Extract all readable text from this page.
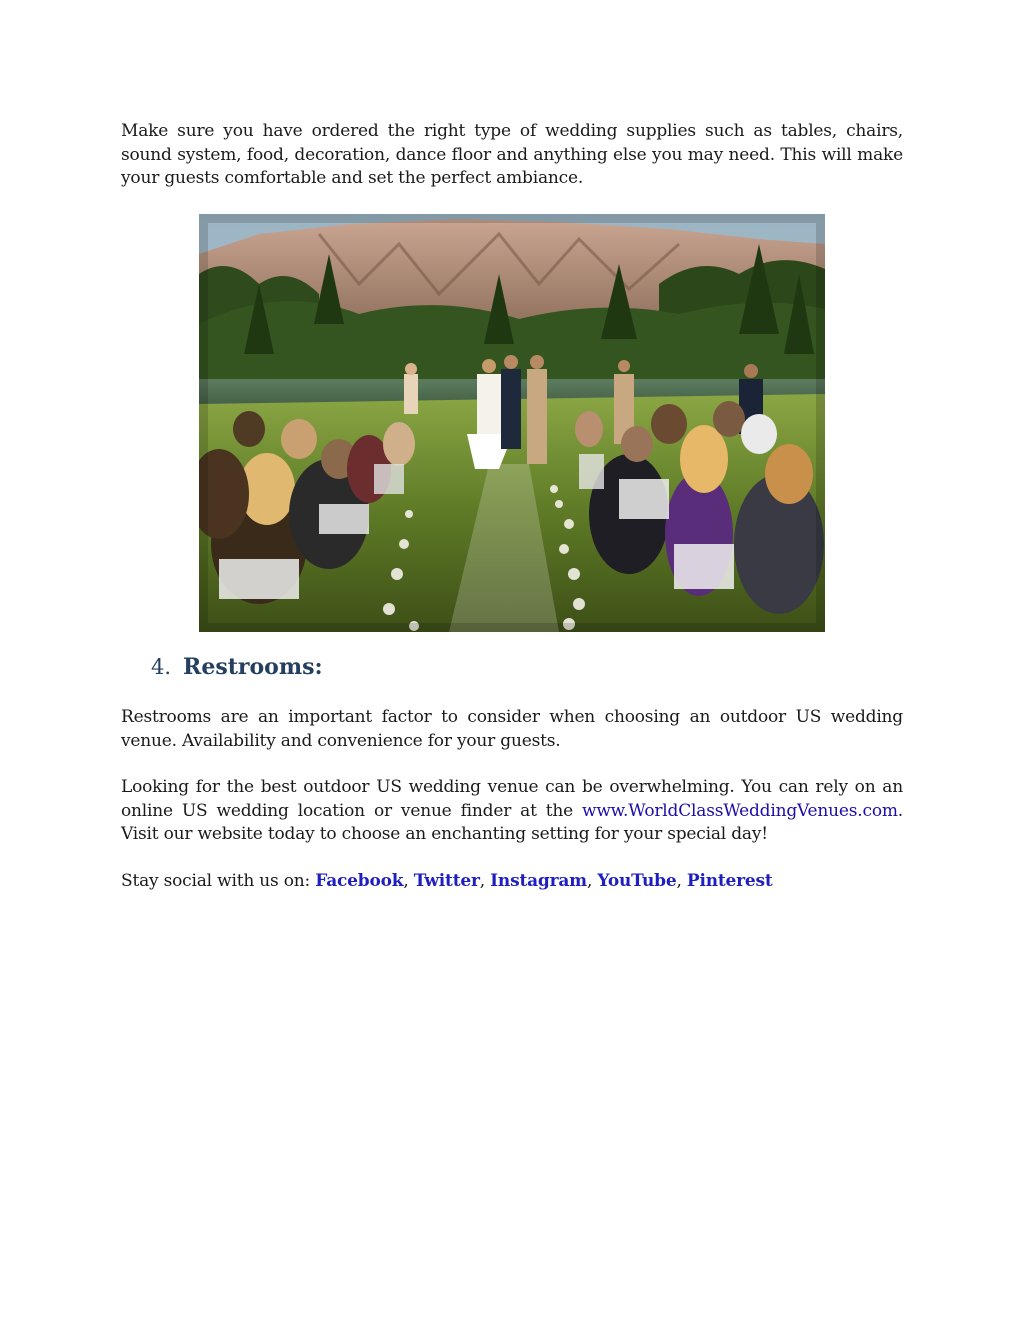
Make sure you have ordered the right type of wedding supplies such as tables, chairs, sound system, food, decoration, dance floor and anything else you may need. This will make your guests comfortable and set the perfect ambiance.

4. Restrooms:

Restrooms are an important factor to consider when choosing an outdoor US wedding venue. Availability and convenience for your guests.

Looking for the best outdoor US wedding venue can be overwhelming. You can rely on an online US wedding location or venue finder at the www.WorldClassWeddingVenues.com. Visit our website today to choose an enchanting setting for your special day!

Stay social with us on: Facebook, Twitter, Instagram, YouTube, Pinterest
